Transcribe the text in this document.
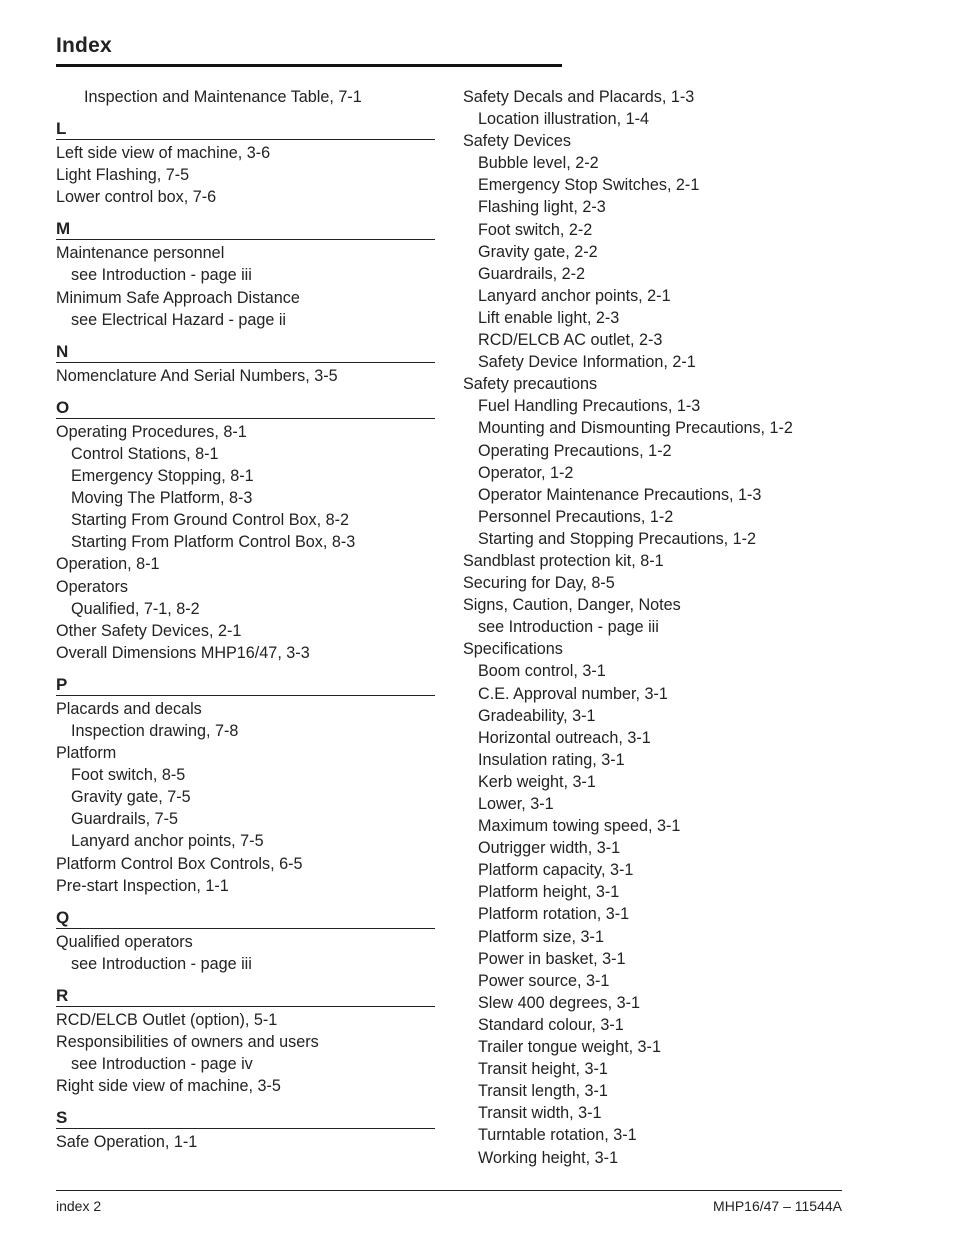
Index
Inspection and Maintenance Table, 7-1
L
Left side view of machine, 3-6
Light Flashing, 7-5
Lower control box, 7-6
M
Maintenance personnel
see Introduction - page iii
Minimum Safe Approach Distance
see Electrical Hazard - page ii
N
Nomenclature And Serial Numbers, 3-5
O
Operating Procedures, 8-1
Control Stations, 8-1
Emergency Stopping, 8-1
Moving The Platform, 8-3
Starting From Ground Control Box, 8-2
Starting From Platform Control Box, 8-3
Operation, 8-1
Operators
Qualified, 7-1, 8-2
Other Safety Devices, 2-1
Overall Dimensions MHP16/47, 3-3
P
Placards and decals
Inspection drawing, 7-8
Platform
Foot switch, 8-5
Gravity gate, 7-5
Guardrails, 7-5
Lanyard anchor points, 7-5
Platform Control Box Controls, 6-5
Pre-start Inspection, 1-1
Q
Qualified operators
see Introduction - page iii
R
RCD/ELCB Outlet (option), 5-1
Responsibilities of owners and users
see Introduction - page iv
Right side view of machine, 3-5
S
Safe Operation, 1-1
Safety Decals and Placards, 1-3
Location illustration, 1-4
Safety Devices
Bubble level, 2-2
Emergency Stop Switches, 2-1
Flashing light, 2-3
Foot switch, 2-2
Gravity gate, 2-2
Guardrails, 2-2
Lanyard anchor points, 2-1
Lift enable light, 2-3
RCD/ELCB AC outlet, 2-3
Safety Device Information, 2-1
Safety precautions
Fuel Handling Precautions, 1-3
Mounting and Dismounting Precautions, 1-2
Operating Precautions, 1-2
Operator, 1-2
Operator Maintenance Precautions, 1-3
Personnel Precautions, 1-2
Starting and Stopping Precautions, 1-2
Sandblast protection kit, 8-1
Securing for Day, 8-5
Signs, Caution, Danger, Notes
see Introduction - page iii
Specifications
Boom control, 3-1
C.E. Approval number, 3-1
Gradeability, 3-1
Horizontal outreach, 3-1
Insulation rating, 3-1
Kerb weight, 3-1
Lower, 3-1
Maximum towing speed, 3-1
Outrigger width, 3-1
Platform capacity, 3-1
Platform height, 3-1
Platform rotation, 3-1
Platform size, 3-1
Power in basket, 3-1
Power source, 3-1
Slew 400 degrees, 3-1
Standard colour, 3-1
Trailer tongue weight, 3-1
Transit height, 3-1
Transit length, 3-1
Transit width, 3-1
Turntable rotation, 3-1
Working height, 3-1
index 2	MHP16/47 – 11544A
